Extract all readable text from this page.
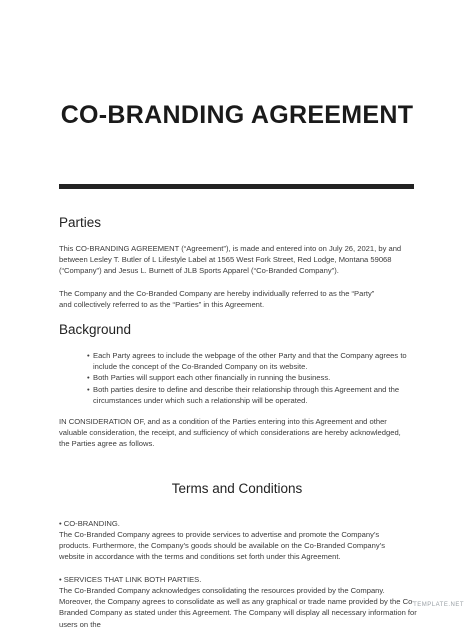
CO-BRANDING AGREEMENT
Parties

This CO-BRANDING AGREEMENT (“Agreement”), is made and entered into on July 26, 2021, by and between Lesley T. Butler of L Lifestyle Label at 1565 West Fork Street, Red Lodge, Montana 59068 (“Company”) and Jesus L. Burnett of JLB Sports Apparel (“Co-Branded Company”).

The Company and the Co-Branded Company are hereby individually referred to as the “Party” and collectively referred to as the “Parties” in this Agreement.

Background
• Each Party agrees to include the webpage of the other Party and that the Company agrees to include the concept of the Co-Branded Company on its website.
• Both Parties will support each other financially in running the business.
• Both parties desire to define and describe their relationship through this Agreement and the circumstances under which such a relationship will be operated.

IN CONSIDERATION OF, and as a condition of the Parties entering into this Agreement and other valuable consideration, the receipt, and sufficiency of which considerations are hereby acknowledged, the Parties agree as follows.

Terms and Conditions

• CO-BRANDING.

The Co-Branded Company agrees to provide services to advertise and promote the Company’s products. Furthermore, the Company’s goods should be available on the Co-Branded Company’s website in accordance with the terms and conditions set forth under this Agreement.

• SERVICES THAT LINK BOTH PARTIES.

The Co-Branded Company acknowledges consolidating the resources provided by the Company. Moreover, the Company agrees to consolidate as well as any graphical or trade name provided by the Co-Branded Company as stated under this Agreement. The Company will display all necessary information for users on the

TEMPLATE.NET
